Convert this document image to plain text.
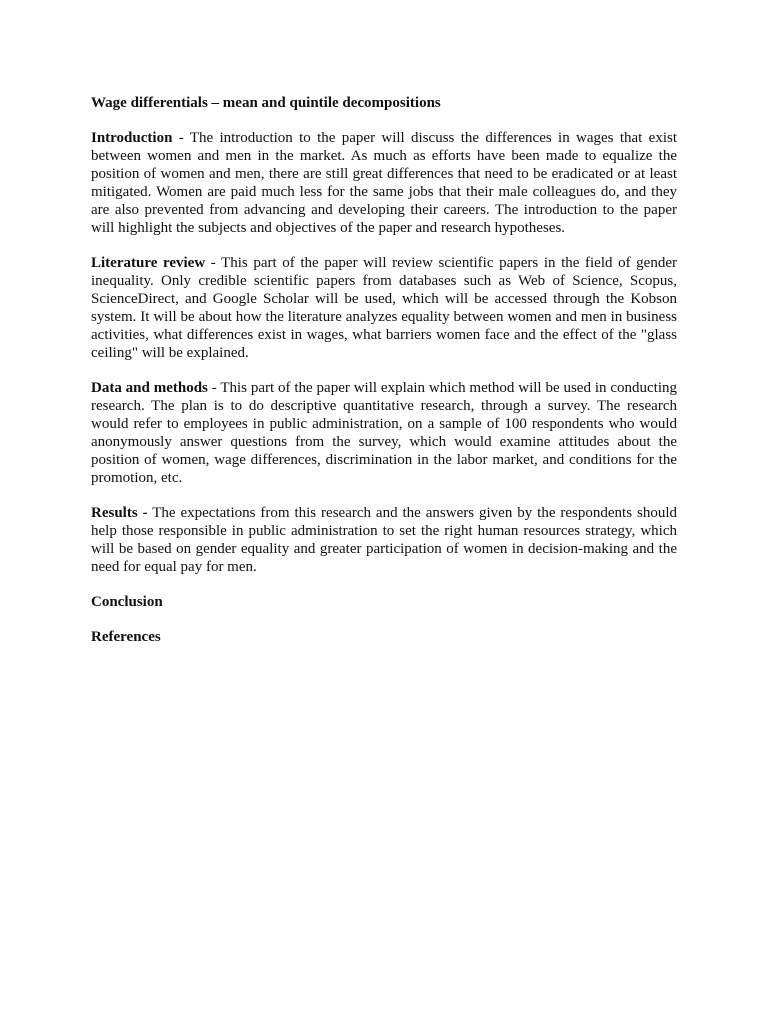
Wage differentials – mean and quintile decompositions

Introduction - The introduction to the paper will discuss the differences in wages that exist between women and men in the market. As much as efforts have been made to equalize the position of women and men, there are still great differences that need to be eradicated or at least mitigated. Women are paid much less for the same jobs that their male colleagues do, and they are also prevented from advancing and developing their careers. The introduction to the paper will highlight the subjects and objectives of the paper and research hypotheses.

Literature review - This part of the paper will review scientific papers in the field of gender inequality. Only credible scientific papers from databases such as Web of Science, Scopus, ScienceDirect, and Google Scholar will be used, which will be accessed through the Kobson system. It will be about how the literature analyzes equality between women and men in business activities, what differences exist in wages, what barriers women face and the effect of the "glass ceiling" will be explained.

Data and methods - This part of the paper will explain which method will be used in conducting research. The plan is to do descriptive quantitative research, through a survey. The research would refer to employees in public administration, on a sample of 100 respondents who would anonymously answer questions from the survey, which would examine attitudes about the position of women, wage differences, discrimination in the labor market, and conditions for the promotion, etc.

Results - The expectations from this research and the answers given by the respondents should help those responsible in public administration to set the right human resources strategy, which will be based on gender equality and greater participation of women in decision-making and the need for equal pay for men.

Conclusion
References
